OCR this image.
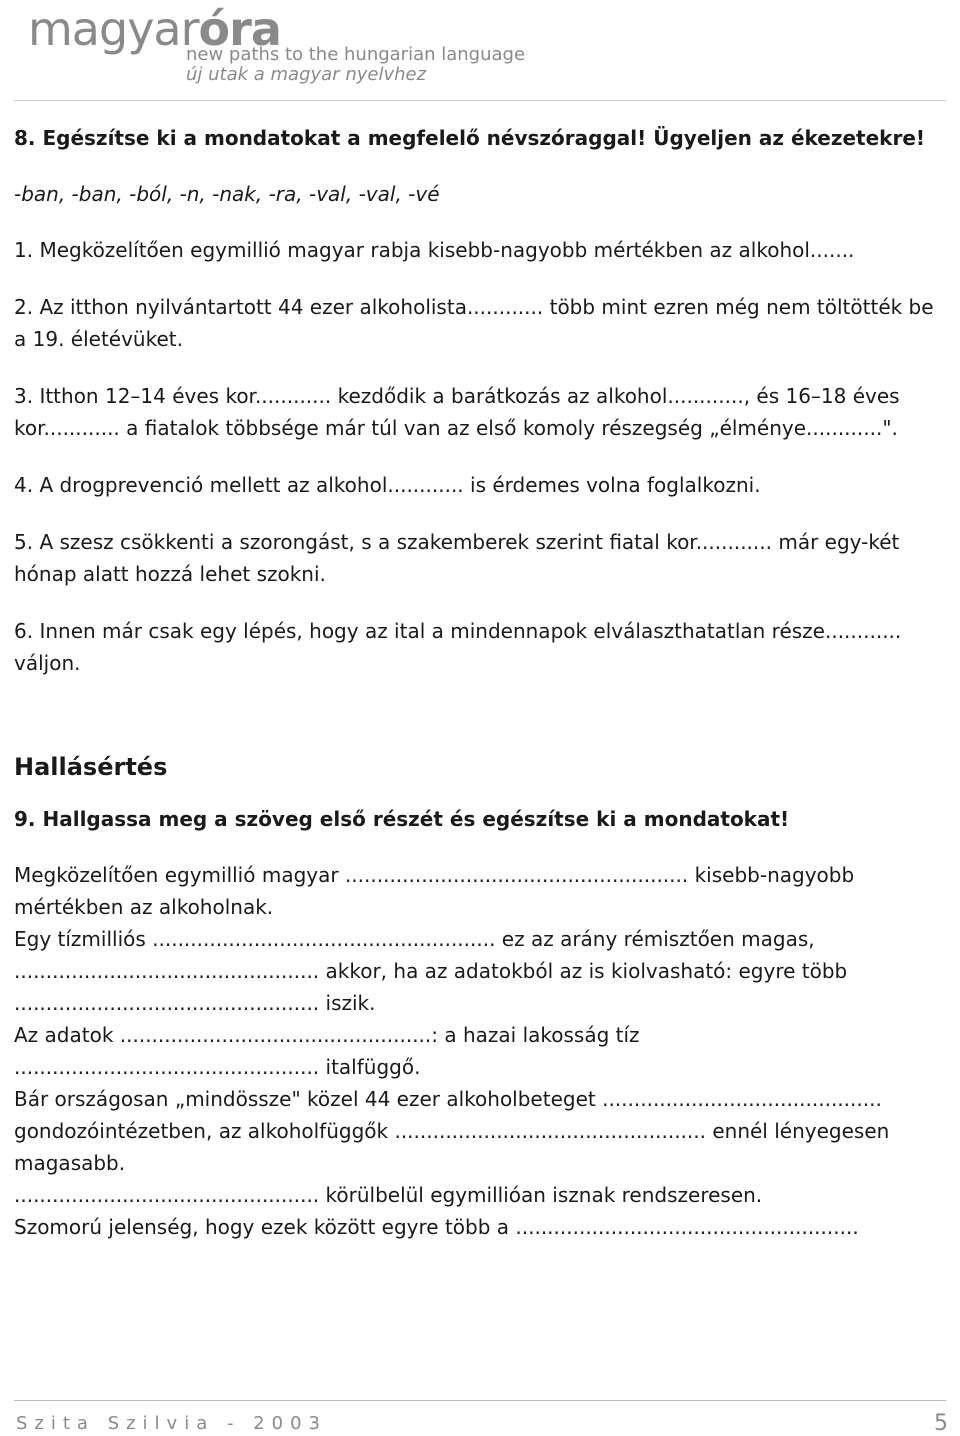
magyaróra
new paths to the hungarian language
új utak a magyar nyelvhez
8. Egészítse ki a mondatokat a megfelelő névszóraggal! Ügyeljen az ékezetekre!
-ban, -ban, -ból, -n, -nak, -ra, -val, -val, -vé
1. Megközelítően egymillió magyar rabja kisebb-nagyobb mértékben az alkohol.......
2. Az itthon nyilvántartott 44 ezer alkoholista............ több mint ezren még nem töltötték be a 19. életévüket.
3. Itthon 12–14 éves kor............ kezdődik a barátkozás az alkohol............, és 16–18 éves kor............ a fiatalok többsége már túl van az első komoly részegség „élménye............".
4. A drogprevenció mellett az alkohol............ is érdemes volna foglalkozni.
5. A szesz csökkenti a szorongást, s a szakemberek szerint fiatal kor............ már egy-két hónap alatt hozzá lehet szokni.
6. Innen már csak egy lépés, hogy az ital a mindennapok elválaszthatatlan része............ váljon.
Hallásértés
9. Hallgassa meg a szöveg első részét és egészítse ki a mondatokat!
Megközelítően egymillió magyar ...................................................... kisebb-nagyobb
mértékben az alkoholnak.
Egy tízmilliós ...................................................... ez az arány rémisztően magas,
................................................ akkor, ha az adatokból az is kiolvasható: egyre több
................................................ iszik.
Az adatok .................................................: a hazai lakosság tíz
................................................ italfüggő.
Bár országosan „mindössze" közel 44 ezer alkoholbeteget ............................................
gondozóintézetben, az alkoholfüggők ................................................. ennél lényegesen
magasabb.
................................................ körülbelül egymillióan isznak rendszeresen.
Szomorú jelenség, hogy ezek között egyre több a ......................................................
Szita Szilvia - 2003	5
